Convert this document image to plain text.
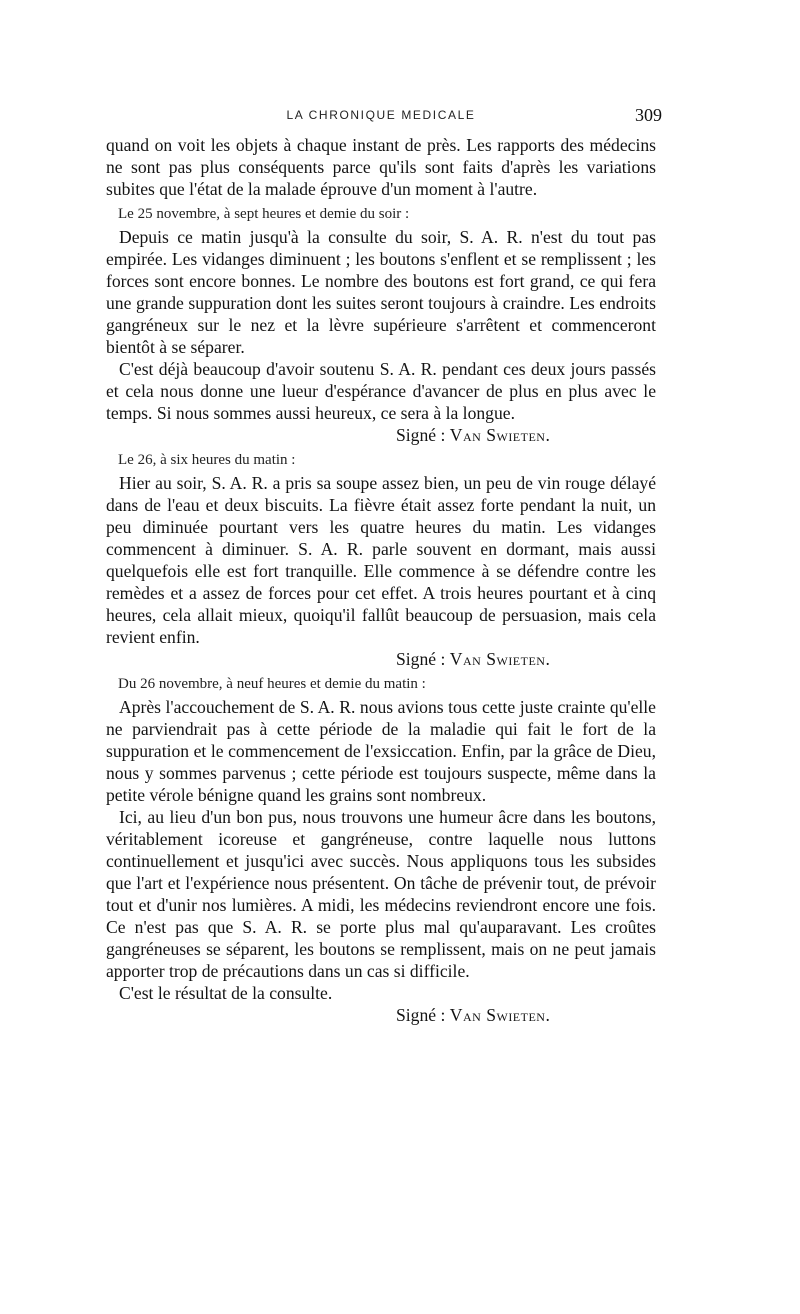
LA CHRONIQUE MEDICALE	309

quand on voit les objets à chaque instant de près. Les rapports des médecins ne sont pas plus conséquents parce qu'ils sont faits d'après les variations subites que l'état de la malade éprouve d'un moment à l'autre.

Le 25 novembre, à sept heures et demie du soir :

Depuis ce matin jusqu'à la consulte du soir, S. A. R. n'est du tout pas empirée. Les vidanges diminuent ; les boutons s'enflent et se remplissent ; les forces sont encore bonnes. Le nombre des boutons est fort grand, ce qui fera une grande suppuration dont les suites seront toujours à craindre. Les endroits gangréneux sur le nez et la lèvre supérieure s'arrêtent et commenceront bientôt à se séparer.

C'est déjà beaucoup d'avoir soutenu S. A. R. pendant ces deux jours passés et cela nous donne une lueur d'espérance d'avancer de plus en plus avec le temps. Si nous sommes aussi heureux, ce sera à la longue.

Signé : Van Swieten.
Le 26, à six heures du matin :

Hier au soir, S. A. R. a pris sa soupe assez bien, un peu de vin rouge délayé dans de l'eau et deux biscuits. La fièvre était assez forte pendant la nuit, un peu diminuée pourtant vers les quatre heures du matin. Les vidanges commencent à diminuer. S. A. R. parle souvent en dormant, mais aussi quelquefois elle est fort tranquille. Elle commence à se défendre contre les remèdes et a assez de forces pour cet effet. A trois heures pourtant et à cinq heures, cela allait mieux, quoiqu'il fallût beaucoup de persuasion, mais cela revient enfin.

Signé : Van Swieten.
Du 26 novembre, à neuf heures et demie du matin :

Après l'accouchement de S. A. R. nous avions tous cette juste crainte qu'elle ne parviendrait pas à cette période de la maladie qui fait le fort de la suppuration et le commencement de l'exsiccation. Enfin, par la grâce de Dieu, nous y sommes parvenus ; cette période est toujours suspecte, même dans la petite vérole bénigne quand les grains sont nombreux.

Ici, au lieu d'un bon pus, nous trouvons une humeur âcre dans les boutons, véritablement icoreuse et gangréneuse, contre laquelle nous luttons continuellement et jusqu'ici avec succès. Nous appliquons tous les subsides que l'art et l'expérience nous présentent. On tâche de prévenir tout, de prévoir tout et d'unir nos lumières. A midi, les médecins reviendront encore une fois. Ce n'est pas que S. A. R. se porte plus mal qu'auparavant. Les croûtes gangréneuses se séparent, les boutons se remplissent, mais on ne peut jamais apporter trop de précautions dans un cas si difficile.

C'est le résultat de la consulte.

Signé : Van Swieten.
